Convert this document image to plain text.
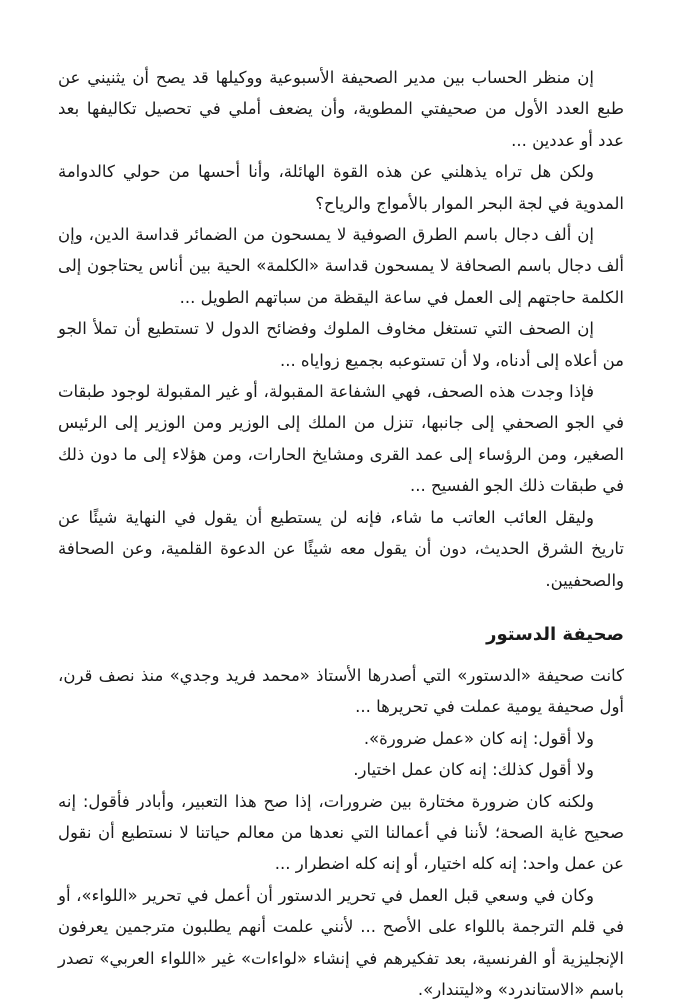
إن منظر الحساب بين مدير الصحيفة الأسبوعية ووكيلها قد يصح أن يثنيني عن طبع العدد الأول من صحيفتي المطوية، وأن يضعف أملي في تحصيل تكاليفها بعد عدد أو عددين ...

ولكن هل تراه يذهلني عن هذه القوة الهائلة، وأنا أحسها من حولي كالدوامة المدوية في لجة البحر الموار بالأمواج والرياح؟

إن ألف دجال باسم الطرق الصوفية لا يمسحون من الضمائر قداسة الدين، وإن ألف دجال باسم الصحافة لا يمسحون قداسة «الكلمة» الحية بين أناس يحتاجون إلى الكلمة حاجتهم إلى العمل في ساعة اليقظة من سباتهم الطويل ...

إن الصحف التي تستغل مخاوف الملوك وفضائح الدول لا تستطيع أن تملأ الجو من أعلاه إلى أدناه، ولا أن تستوعبه بجميع زواياه ...

فإذا وجدت هذه الصحف، فهي الشفاعة المقبولة، أو غير المقبولة لوجود طبقات في الجو الصحفي إلى جانبها، تنزل من الملك إلى الوزير ومن الوزير إلى الرئيس الصغير، ومن الرؤساء إلى عمد القرى ومشايخ الحارات، ومن هؤلاء إلى ما دون ذلك في طبقات ذلك الجو الفسيح ...

وليقل العائب العاتب ما شاء، فإنه لن يستطيع أن يقول في النهاية شيئًا عن تاريخ الشرق الحديث، دون أن يقول معه شيئًا عن الدعوة القلمية، وعن الصحافة والصحفيين.

صحيفة الدستور

كانت صحيفة «الدستور» التي أصدرها الأستاذ «محمد فريد وجدي» منذ نصف قرن، أول صحيفة يومية عملت في تحريرها ...

ولا أقول: إنه كان «عمل ضرورة».

ولا أقول كذلك: إنه كان عمل اختيار.

ولكنه كان ضرورة مختارة بين ضرورات، إذا صح هذا التعبير، وأبادر فأقول: إنه صحيح غاية الصحة؛ لأننا في أعمالنا التي نعدها من معالم حياتنا لا نستطيع أن نقول عن عمل واحد: إنه كله اختيار، أو إنه كله اضطرار ...

وكان في وسعي قبل العمل في تحرير الدستور أن أعمل في تحرير «اللواء»، أو في قلم الترجمة باللواء على الأصح ... لأنني علمت أنهم يطلبون مترجمين يعرفون الإنجليزية أو الفرنسية، بعد تفكيرهم في إنشاء «لواءات» غير «اللواء العربي» تصدر باسم «الاستاندرد» و«ليتندار».
